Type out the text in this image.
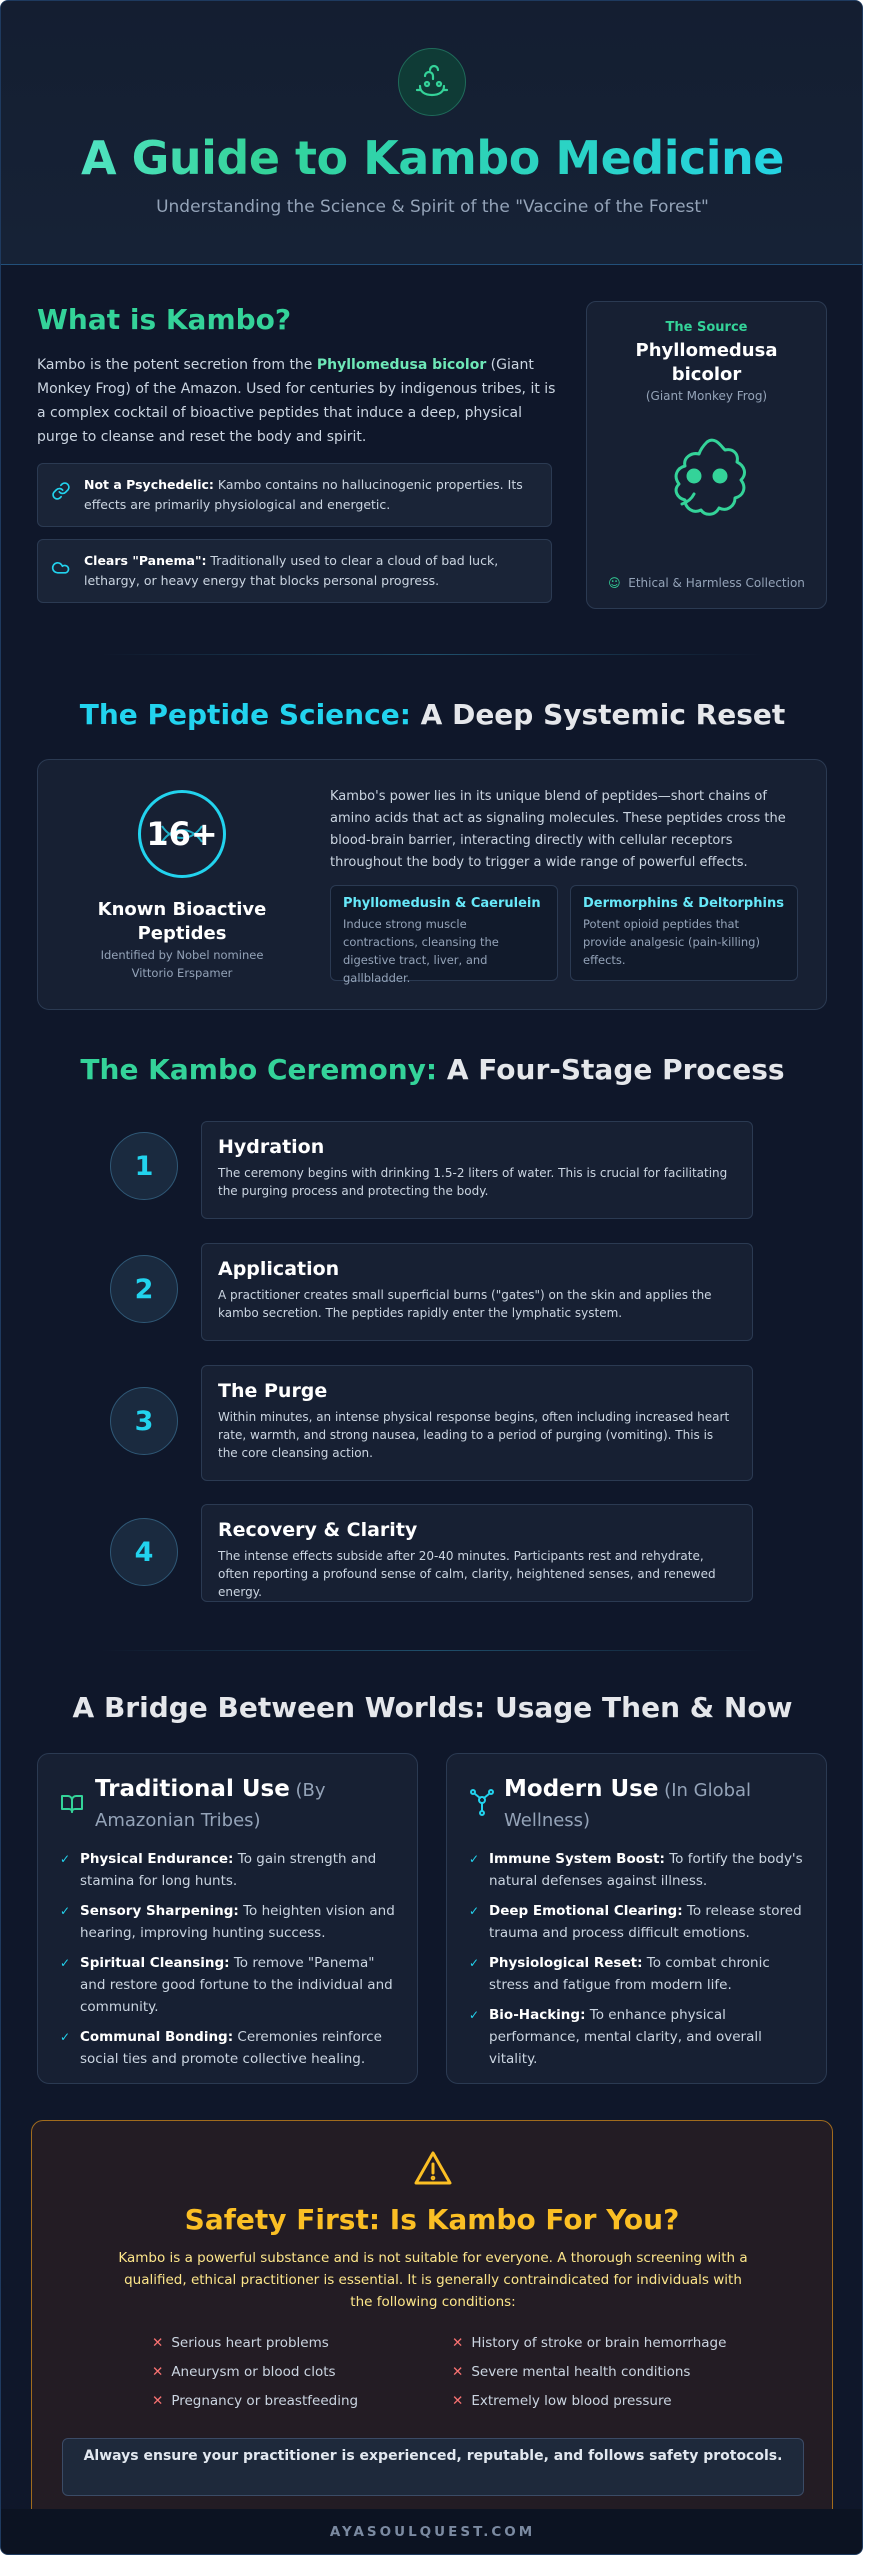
A Guide to Kambo Medicine
Understanding the Science & Spirit of the "Vaccine of the Forest"
What is Kambo?
Kambo is the potent secretion from the Phyllomedusa bicolor (Giant Monkey Frog) of the Amazon. Used for centuries by indigenous tribes, it is a complex cocktail of bioactive peptides that induce a deep, physical purge to cleanse and reset the body and spirit.
Not a Psychedelic: Kambo contains no hallucinogenic properties. Its effects are primarily physiological and energetic.
Clears "Panema": Traditionally used to clear a cloud of bad luck, lethargy, or heavy energy that blocks personal progress.
The Source
Phyllomedusa bicolor
(Giant Monkey Frog)
☺ Ethical & Harmless Collection
The Peptide Science: A Deep Systemic Reset
16+
Known Bioactive Peptides
Identified by Nobel nominee Vittorio Erspamer
Kambo's power lies in its unique blend of peptides—short chains of amino acids that act as signaling molecules. These peptides cross the blood-brain barrier, interacting directly with cellular receptors throughout the body to trigger a wide range of powerful effects.
Phyllomedusin & Caerulein
Induce strong muscle contractions, cleansing the digestive tract, liver, and gallbladder.
Dermorphins & Deltorphins
Potent opioid peptides that provide analgesic (pain-killing) effects.
The Kambo Ceremony: A Four-Stage Process
1
Hydration
The ceremony begins with drinking 1.5-2 liters of water. This is crucial for facilitating the purging process and protecting the body.
2
Application
A practitioner creates small superficial burns ("gates") on the skin and applies the kambo secretion. The peptides rapidly enter the lymphatic system.
3
The Purge
Within minutes, an intense physical response begins, often including increased heart rate, warmth, and strong nausea, leading to a period of purging (vomiting). This is the core cleansing action.
4
Recovery & Clarity
The intense effects subside after 20-40 minutes. Participants rest and rehydrate, often reporting a profound sense of calm, clarity, heightened senses, and renewed energy.
A Bridge Between Worlds: Usage Then & Now
Traditional Use (By Amazonian Tribes)
✓ Physical Endurance: To gain strength and stamina for long hunts.
✓ Sensory Sharpening: To heighten vision and hearing, improving hunting success.
✓ Spiritual Cleansing: To remove "Panema" and restore good fortune to the individual and community.
✓ Communal Bonding: Ceremonies reinforce social ties and promote collective healing.
Modern Use (In Global Wellness)
✓ Immune System Boost: To fortify the body's natural defenses against illness.
✓ Deep Emotional Clearing: To release stored trauma and process difficult emotions.
✓ Physiological Reset: To combat chronic stress and fatigue from modern life.
✓ Bio-Hacking: To enhance physical performance, mental clarity, and overall vitality.
Safety First: Is Kambo For You?
Kambo is a powerful substance and is not suitable for everyone. A thorough screening with a qualified, ethical practitioner is essential. It is generally contraindicated for individuals with the following conditions:
✕ Serious heart problems
✕ Aneurysm or blood clots
✕ Pregnancy or breastfeeding
✕ History of stroke or brain hemorrhage
✕ Severe mental health conditions
✕ Extremely low blood pressure
Always ensure your practitioner is experienced, reputable, and follows safety protocols.
AYASOULQUEST.COM
